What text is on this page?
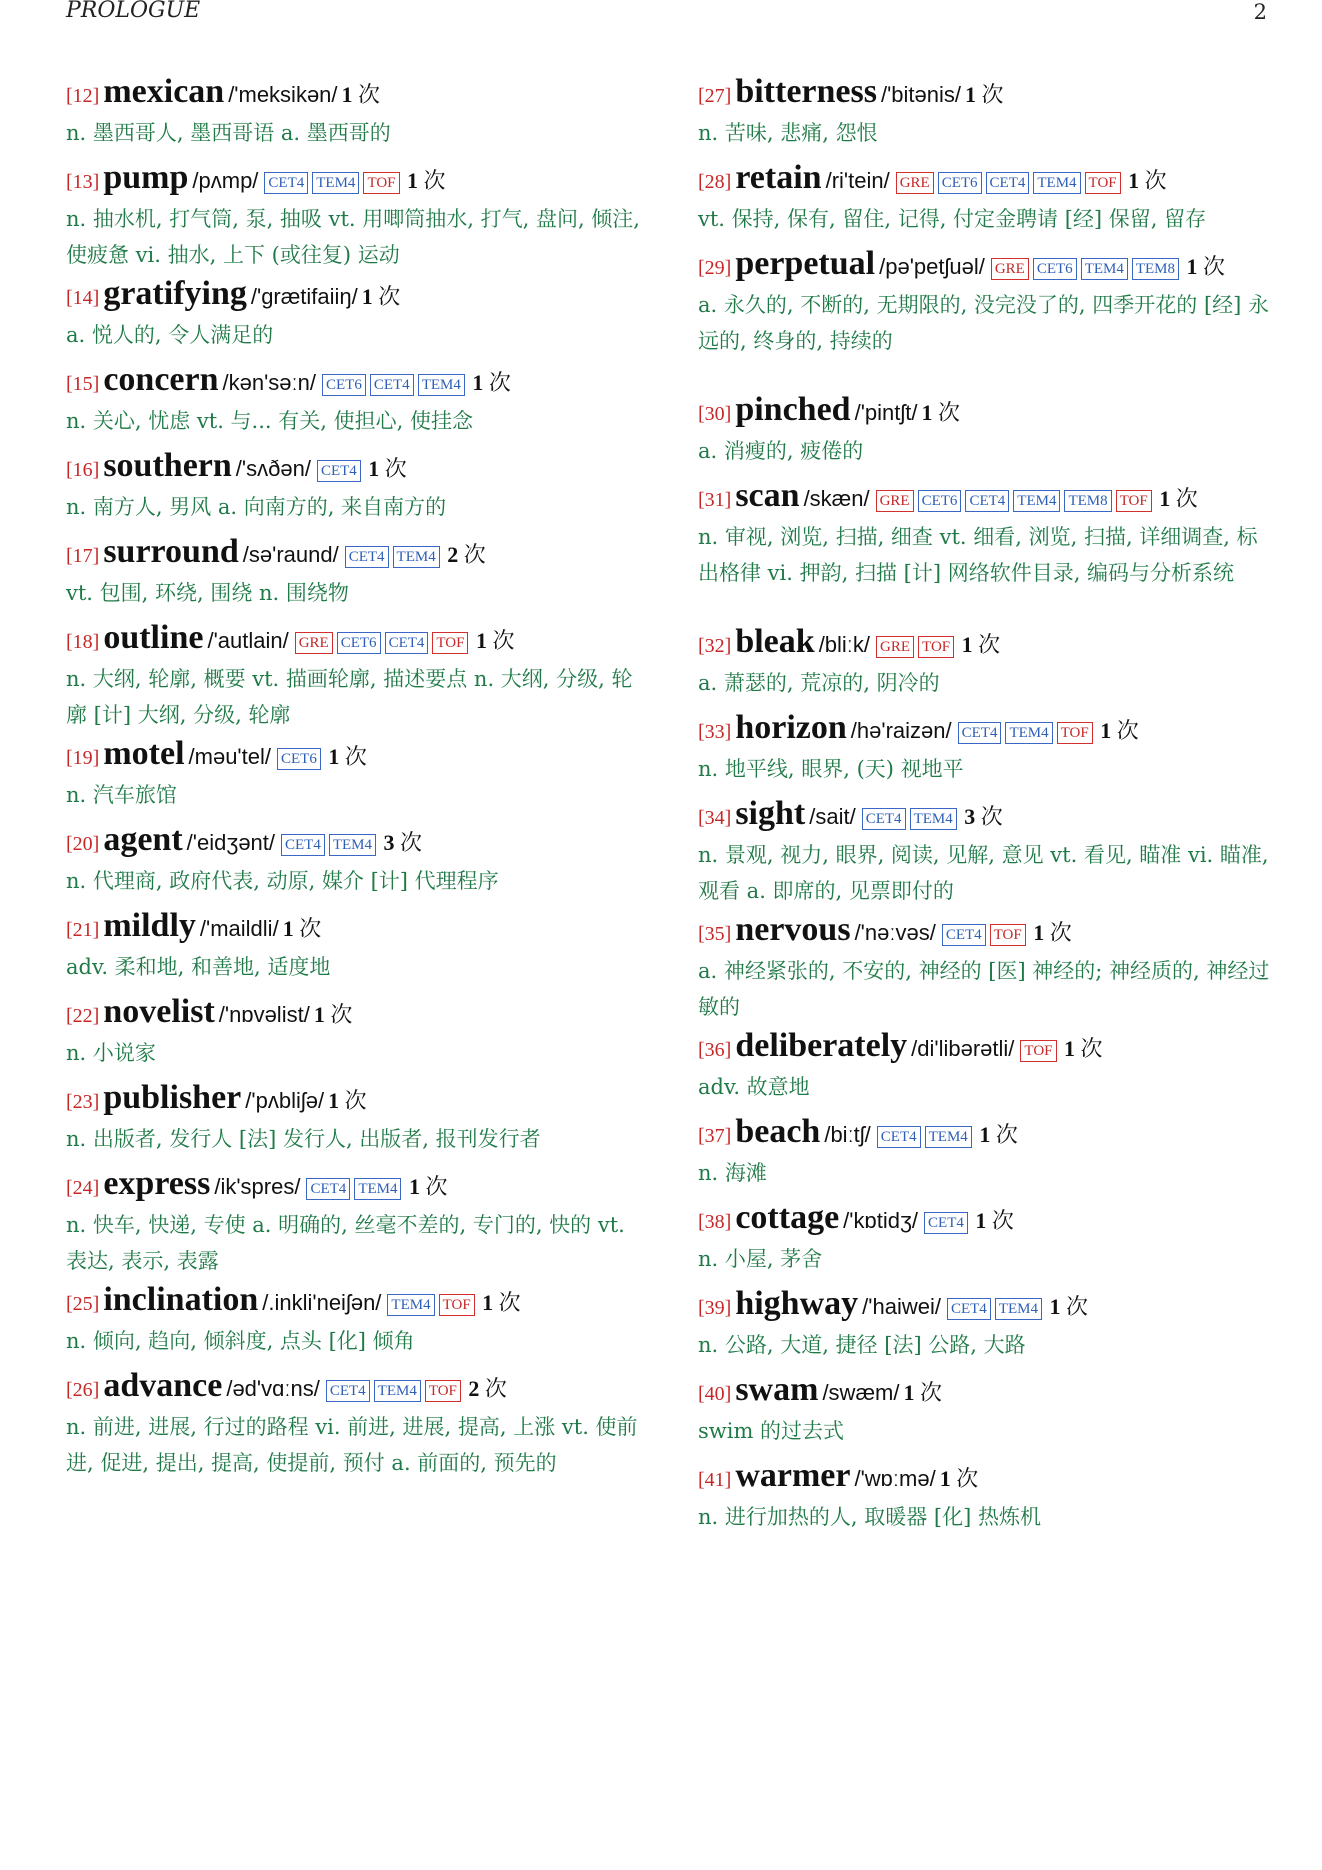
PROLOGUE	2
[12] mexican /'meksikən/ 1 次
n. 墨西哥人, 墨西哥语 a. 墨西哥的
[13] pump /pʌmp/ CET4 TEM4 TOF 1 次
n. 抽水机, 打气筒, 泵, 抽吸 vt. 用唧筒抽水, 打气, 盘问, 倾注, 使疲惫 vi. 抽水, 上下 (或往复) 运动
[14] gratifying /'grætifaiiŋ/ 1 次
a. 悦人的, 令人满足的
[15] concern /kən'səːn/ CET6 CET4 TEM4 1 次
n. 关心, 忧虑 vt. 与... 有关, 使担心, 使挂念
[16] southern /'sʌðən/ CET4 1 次
n. 南方人, 男风 a. 向南方的, 来自南方的
[17] surround /sə'raund/ CET4 TEM4 2 次
vt. 包围, 环绕, 围绕 n. 围绕物
[18] outline /'autlain/ GRE CET6 CET4 TOF 1 次
n. 大纲, 轮廓, 概要 vt. 描画轮廓, 描述要点 n. 大纲, 分级, 轮廓 [计] 大纲, 分级, 轮廓
[19] motel /məu'tel/ CET6 1 次
n. 汽车旅馆
[20] agent /'eidʒənt/ CET4 TEM4 3 次
n. 代理商, 政府代表, 动原, 媒介 [计] 代理程序
[21] mildly /'maildli/ 1 次
adv. 柔和地, 和善地, 适度地
[22] novelist /'nɒvəlist/ 1 次
n. 小说家
[23] publisher /'pʌbliʃə/ 1 次
n. 出版者, 发行人 [法] 发行人, 出版者, 报刊发行者
[24] express /ik'spres/ CET4 TEM4 1 次
n. 快车, 快递, 专使 a. 明确的, 丝毫不差的, 专门的, 快的 vt. 表达, 表示, 表露
[25] inclination /.inkli'neiʃən/ TEM4 TOF 1 次
n. 倾向, 趋向, 倾斜度, 点头 [化] 倾角
[26] advance /əd'vɑːns/ CET4 TEM4 TOF 2 次
n. 前进, 进展, 行过的路程 vi. 前进, 进展, 提高, 上涨 vt. 使前进, 促进, 提出, 提高, 使提前, 预付 a. 前面的, 预先的
[27] bitterness /'bitənis/ 1 次
n. 苦味, 悲痛, 怨恨
[28] retain /ri'tein/ GRE CET6 CET4 TEM4 TOF 1 次
vt. 保持, 保有, 留住, 记得, 付定金聘请 [经] 保留, 留存
[29] perpetual /pə'petʃuəl/ GRE CET6 TEM4 TEM8 1 次
a. 永久的, 不断的, 无期限的, 没完没了的, 四季开花的 [经] 永远的, 终身的, 持续的
[30] pinched /'pintʃt/ 1 次
a. 消瘦的, 疲倦的
[31] scan /skæn/ GRE CET6 CET4 TEM4 TEM8 TOF 1 次
n. 审视, 浏览, 扫描, 细查 vt. 细看, 浏览, 扫描, 详细调查, 标出格律 vi. 押韵, 扫描 [计] 网络软件目录, 编码与分析系统
[32] bleak /bliːk/ GRE TOF 1 次
a. 萧瑟的, 荒凉的, 阴冷的
[33] horizon /hə'raizən/ CET4 TEM4 TOF 1 次
n. 地平线, 眼界, (天) 视地平
[34] sight /sait/ CET4 TEM4 3 次
n. 景观, 视力, 眼界, 阅读, 见解, 意见 vt. 看见, 瞄准 vi. 瞄准, 观看 a. 即席的, 见票即付的
[35] nervous /'nəːvəs/ CET4 TOF 1 次
a. 神经紧张的, 不安的, 神经的 [医] 神经的; 神经质的, 神经过敏的
[36] deliberately /di'libərətli/ TOF 1 次
adv. 故意地
[37] beach /biːtʃ/ CET4 TEM4 1 次
n. 海滩
[38] cottage /'kɒtidʒ/ CET4 1 次
n. 小屋, 茅舍
[39] highway /'haiwei/ CET4 TEM4 1 次
n. 公路, 大道, 捷径 [法] 公路, 大路
[40] swam /swæm/ 1 次
swim 的过去式
[41] warmer /'wɒːmə/ 1 次
n. 进行加热的人, 取暖器 [化] 热炼机
